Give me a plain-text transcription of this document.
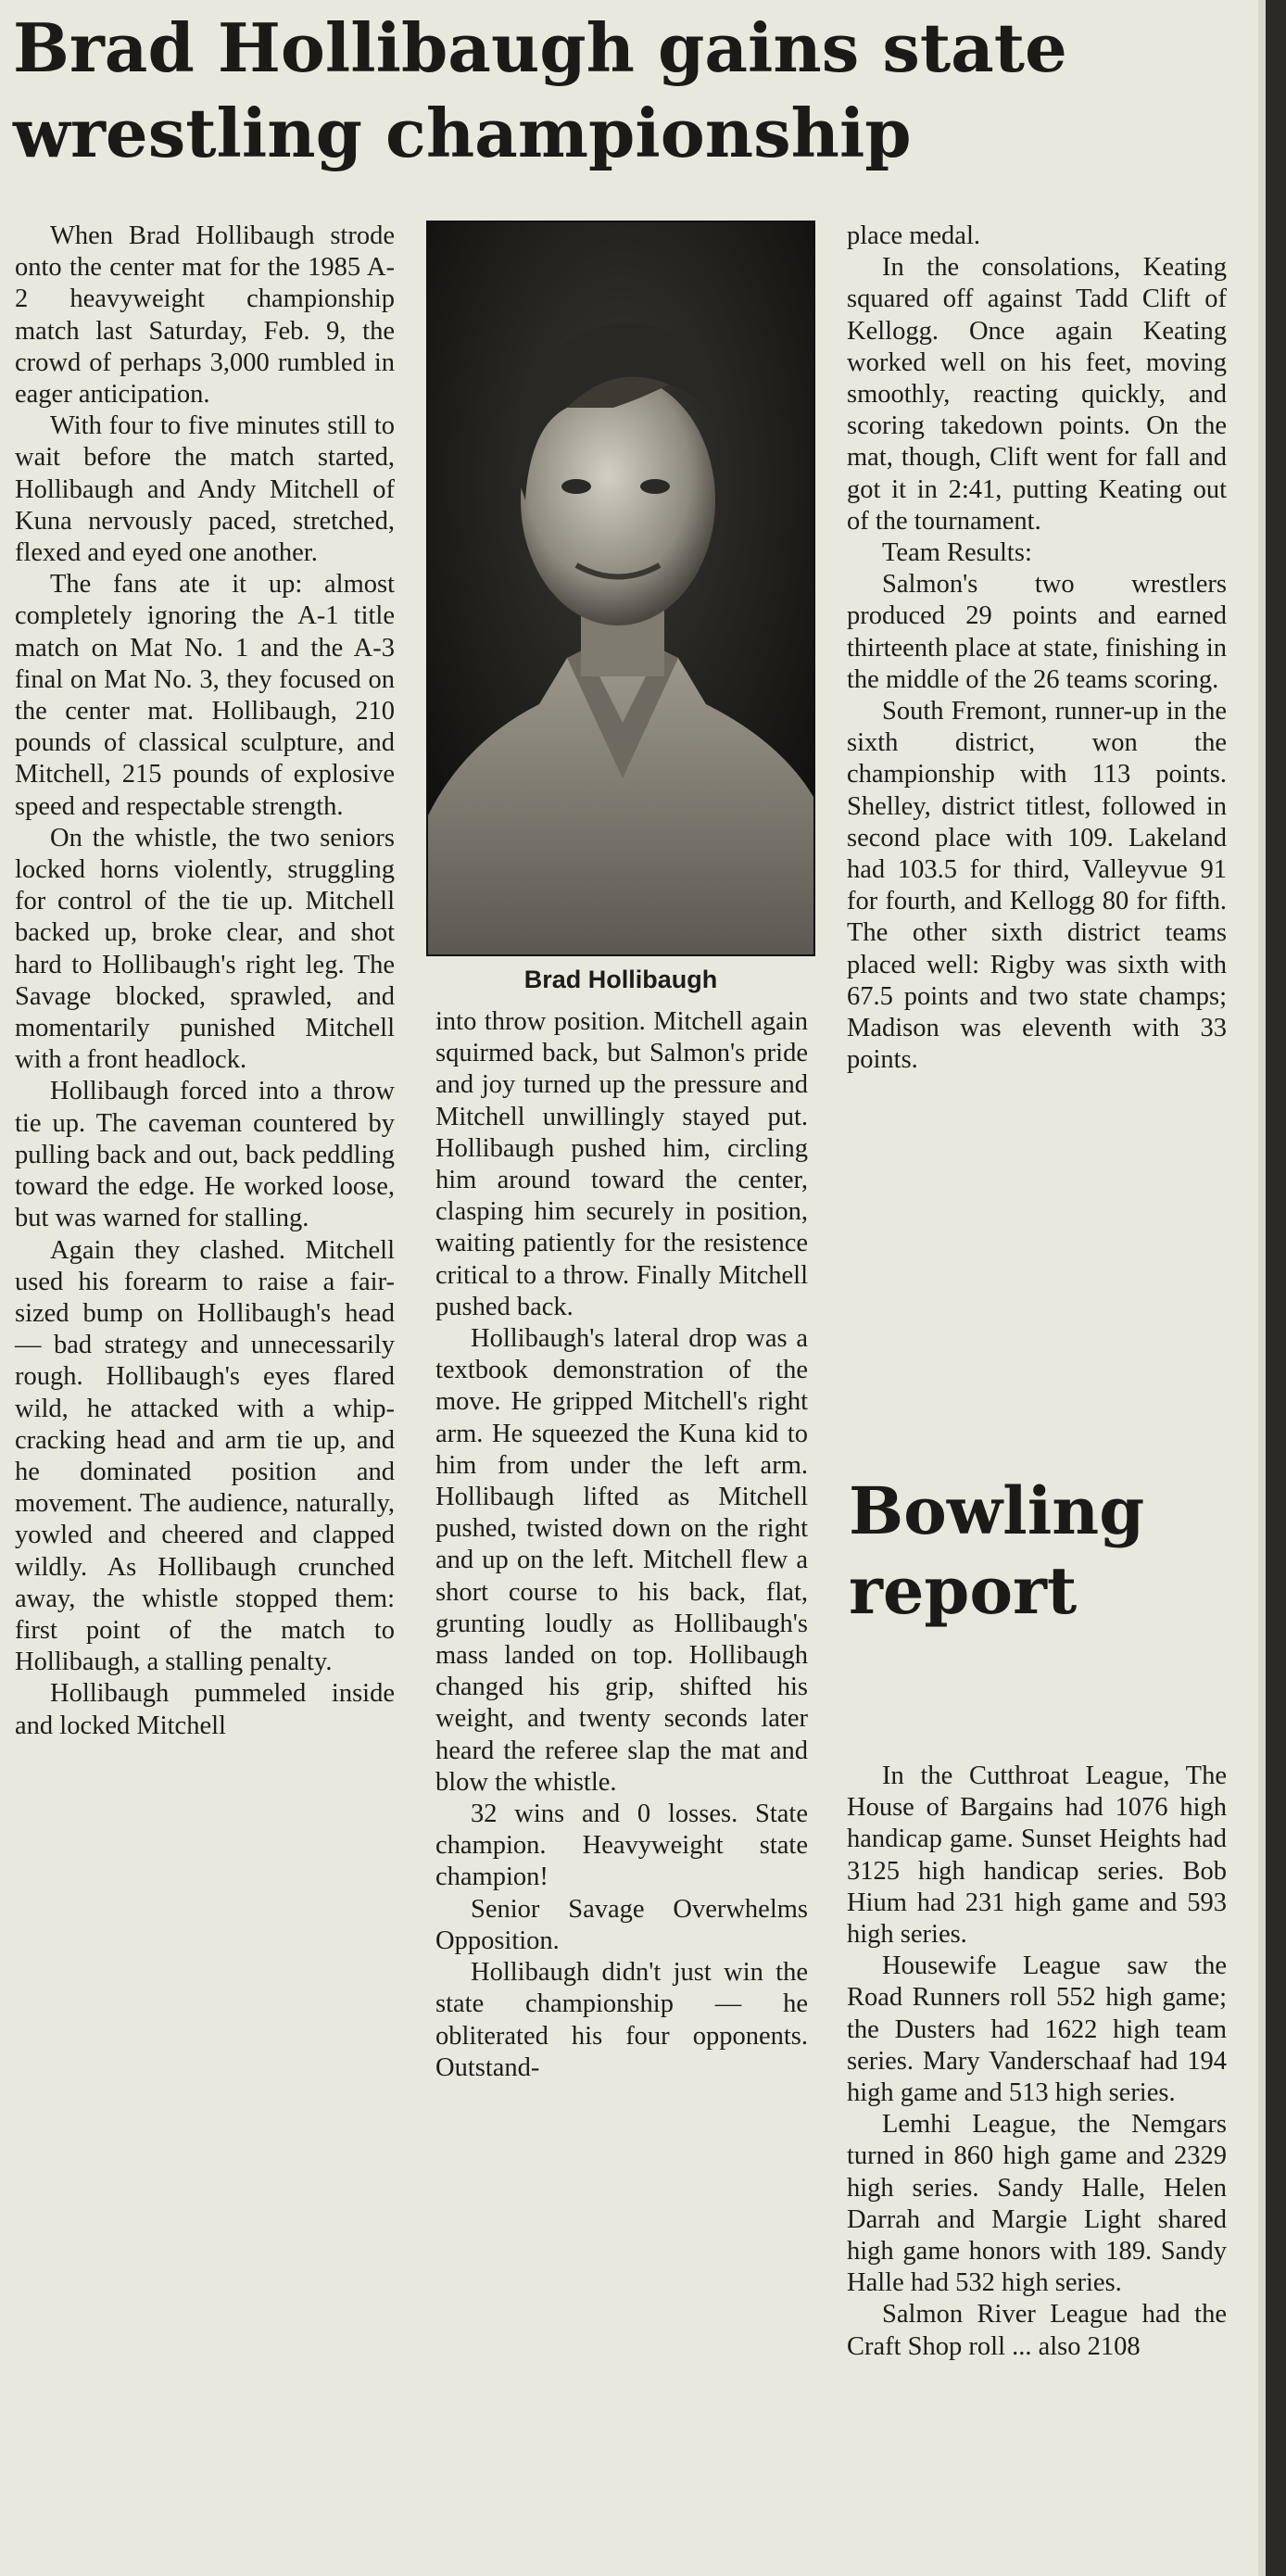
Brad Hollibaugh gains state wrestling championship

When Brad Hollibaugh strode onto the center mat for the 1985 A-2 heavyweight championship match last Saturday, Feb. 9, the crowd of perhaps 3,000 rumbled in eager anticipation.

With four to five minutes still to wait before the match started, Hollibaugh and Andy Mitchell of Kuna nervously paced, stretched, flexed and eyed one another.

The fans ate it up: almost completely ignoring the A-1 title match on Mat No. 1 and the A-3 final on Mat No. 3, they focused on the center mat. Hollibaugh, 210 pounds of classical sculpture, and Mitchell, 215 pounds of explosive speed and respectable strength.

On the whistle, the two seniors locked horns violently, struggling for control of the tie up. Mitchell backed up, broke clear, and shot hard to Hollibaugh's right leg. The Savage blocked, sprawled, and momentarily punished Mitchell with a front headlock.

Hollibaugh forced into a throw tie up. The caveman countered by pulling back and out, back peddling toward the edge. He worked loose, but was warned for stalling.

Again they clashed. Mitchell used his forearm to raise a fair-sized bump on Hollibaugh's head — bad strategy and unnecessarily rough. Hollibaugh's eyes flared wild, he attacked with a whip-cracking head and arm tie up, and he dominated position and movement. The audience, naturally, yowled and cheered and clapped wildly. As Hollibaugh crunched away, the whistle stopped them: first point of the match to Hollibaugh, a stalling penalty.

Hollibaugh pummeled inside and locked Mitchell

Brad Hollibaugh

into throw position. Mitchell again squirmed back, but Salmon's pride and joy turned up the pressure and Mitchell unwillingly stayed put. Hollibaugh pushed him, circling him around toward the center, clasping him securely in position, waiting patiently for the resistence critical to a throw. Finally Mitchell pushed back.

Hollibaugh's lateral drop was a textbook demonstration of the move. He gripped Mitchell's right arm. He squeezed the Kuna kid to him from under the left arm. Hollibaugh lifted as Mitchell pushed, twisted down on the right and up on the left. Mitchell flew a short course to his back, flat, grunting loudly as Hollibaugh's mass landed on top. Hollibaugh changed his grip, shifted his weight, and twenty seconds later heard the referee slap the mat and blow the whistle.

32 wins and 0 losses. State champion. Heavyweight state champion!

Senior Savage Overwhelms Opposition.

Hollibaugh didn't just win the state championship — he obliterated his four opponents. Outstand-

place medal.

In the consolations, Keating squared off against Tadd Clift of Kellogg. Once again Keating worked well on his feet, moving smoothly, reacting quickly, and scoring takedown points. On the mat, though, Clift went for fall and got it in 2:41, putting Keating out of the tournament.

Team Results:

Salmon's two wrestlers produced 29 points and earned thirteenth place at state, finishing in the middle of the 26 teams scoring.

South Fremont, runner-up in the sixth district, won the championship with 113 points. Shelley, district titlest, followed in second place with 109. Lakeland had 103.5 for third, Valleyvue 91 for fourth, and Kellogg 80 for fifth. The other sixth district teams placed well: Rigby was sixth with 67.5 points and two state champs; Madison was eleventh with 33 points.

Bowling report

In the Cutthroat League, The House of Bargains had 1076 high handicap game. Sunset Heights had 3125 high handicap series. Bob Hium had 231 high game and 593 high series.

Housewife League saw the Road Runners roll 552 high game; the Dusters had 1622 high team series. Mary Vanderschaaf had 194 high game and 513 high series.

Lemhi League, the Nemgars turned in 860 high game and 2329 high series. Sandy Halle, Helen Darrah and Margie Light shared high game honors with 189. Sandy Halle had 532 high series.

Salmon River League had the Craft Shop roll ... also 2108
